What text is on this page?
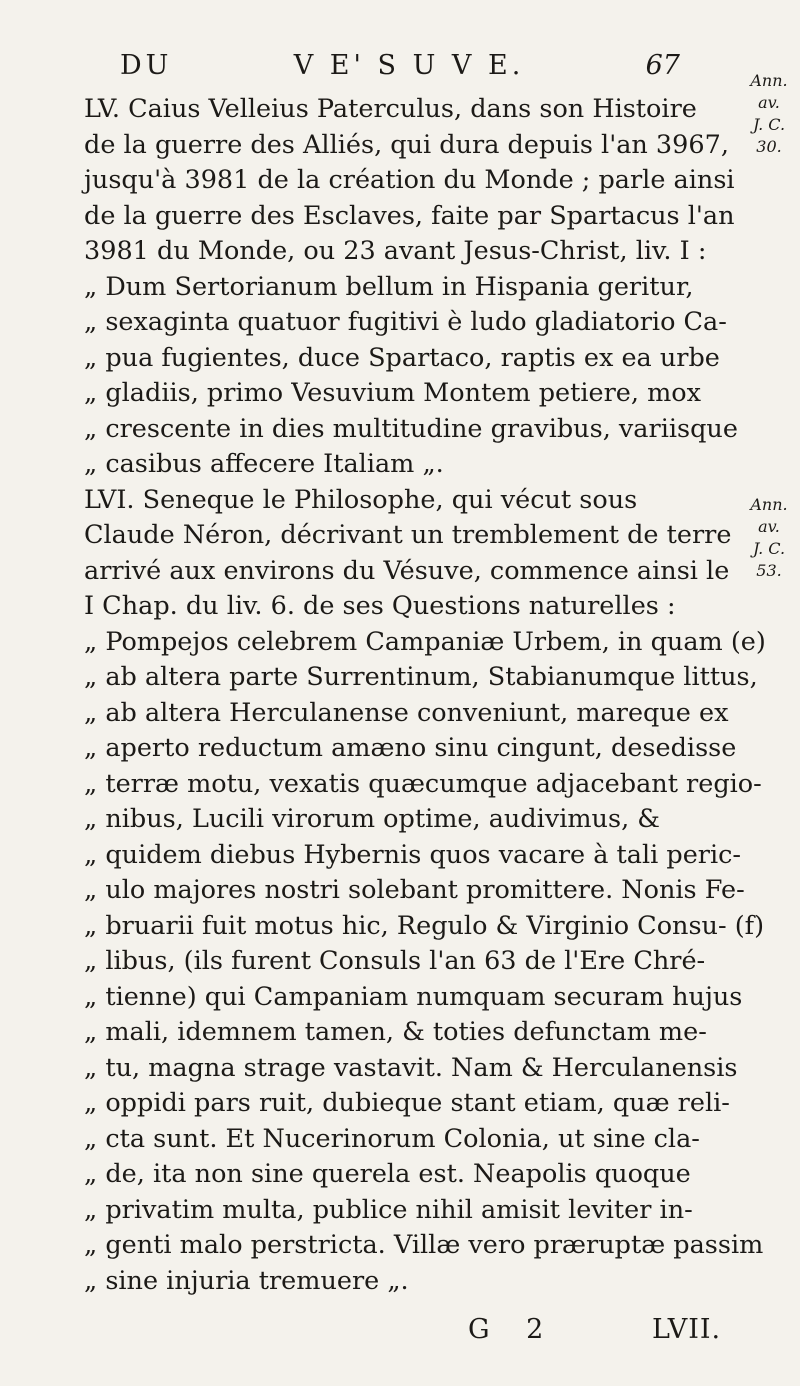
DU	V E' S U V E.	67	Ann.
av.
J. C.
30.
Ann.
av.
J. C.
53.
LV. Caius Velleius Paterculus, dans son Histoire
de la guerre des Alliés, qui dura depuis l'an 3967,
jusqu'à 3981 de la création du Monde ; parle ainsi
de la guerre des Esclaves, faite par Spartacus l'an
3981 du Monde, ou 23 avant Jesus-Christ, liv. I :
„ Dum Sertorianum bellum in Hispania geritur,
„ sexaginta quatuor fugitivi è ludo gladiatorio Ca-
„ pua fugientes, duce Spartaco, raptis ex ea urbe
„ gladiis, primo Vesuvium Montem petiere, mox
„ crescente in dies multitudine gravibus, variisque
„ casibus affecere Italiam „.
LVI. Seneque le Philosophe, qui vécut sous
Claude Néron, décrivant un tremblement de terre
arrivé aux environs du Vésuve, commence ainsi le
I Chap. du liv. 6. de ses Questions naturelles :
„ Pompejos celebrem Campaniæ Urbem, in quam (e)
„ ab altera parte Surrentinum, Stabianumque littus,
„ ab altera Herculanense conveniunt, mareque ex
„ aperto reductum amæno sinu cingunt, desedisse
„ terræ motu, vexatis quæcumque adjacebant regio-
„ nibus, Lucili virorum optime, audivimus, &
„ quidem diebus Hybernis quos vacare à tali peric-
„ ulo majores nostri solebant promittere. Nonis Fe-
„ bruarii fuit motus hic, Regulo & Virginio Consu- (f)
„ libus, (ils furent Consuls l'an 63 de l'Ere Chré-
„ tienne) qui Campaniam numquam securam hujus
„ mali, idemnem tamen, & toties defunctam me-
„ tu, magna strage vastavit. Nam & Herculanensis
„ oppidi pars ruit, dubieque stant etiam, quæ reli-
„ cta sunt. Et Nucerinorum Colonia, ut sine cla-
„ de, ita non sine querela est. Neapolis quoque
„ privatim multa, publice nihil amisit leviter in-
„ genti malo perstricta. Villæ vero præruptæ passim
„ sine injuria tremuere „.
G 2	LVII.
